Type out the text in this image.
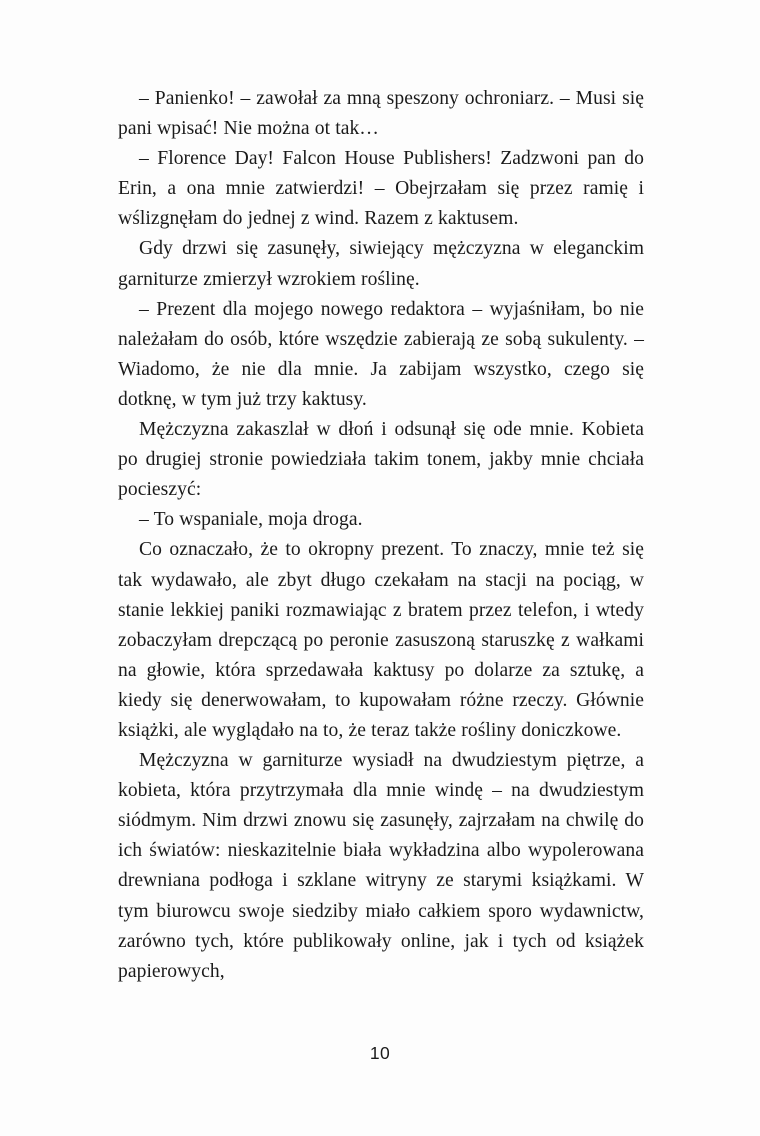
– Panienko! – zawołał za mną speszony ochroniarz. – Musi się pani wpisać! Nie można ot tak…

– Florence Day! Falcon House Publishers! Zadzwoni pan do Erin, a ona mnie zatwierdzi! – Obejrzałam się przez ramię i wślizgnęłam do jednej z wind. Razem z kaktusem.

Gdy drzwi się zasunęły, siwiejący mężczyzna w eleganckim garniturze zmierzył wzrokiem roślinę.

– Prezent dla mojego nowego redaktora – wyjaśniłam, bo nie należałam do osób, które wszędzie zabierają ze sobą sukulenty. – Wiadomo, że nie dla mnie. Ja zabijam wszystko, czego się dotknę, w tym już trzy kaktusy.

Mężczyzna zakaszlał w dłoń i odsunął się ode mnie. Kobieta po drugiej stronie powiedziała takim tonem, jakby mnie chciała pocieszyć:

– To wspaniale, moja droga.

Co oznaczało, że to okropny prezent. To znaczy, mnie też się tak wydawało, ale zbyt długo czekałam na stacji na pociąg, w stanie lekkiej paniki rozmawiając z bratem przez telefon, i wtedy zobaczyłam drepczącą po peronie zasuszoną staruszkę z wałkami na głowie, która sprzedawała kaktusy po dolarze za sztukę, a kiedy się denerwowałam, to kupowałam różne rzeczy. Głównie książki, ale wyglądało na to, że teraz także rośliny doniczkowe.

Mężczyzna w garniturze wysiadł na dwudziestym piętrze, a kobieta, która przytrzymała dla mnie windę – na dwudziestym siódmym. Nim drzwi znowu się zasunęły, zajrzałam na chwilę do ich światów: nieskazitelnie biała wykładzina albo wypolerowana drewniana podłoga i szklane witryny ze starymi książkami. W tym biurowcu swoje siedziby miało całkiem sporo wydawnictw, zarówno tych, które publikowały online, jak i tych od książek papierowych,

10
